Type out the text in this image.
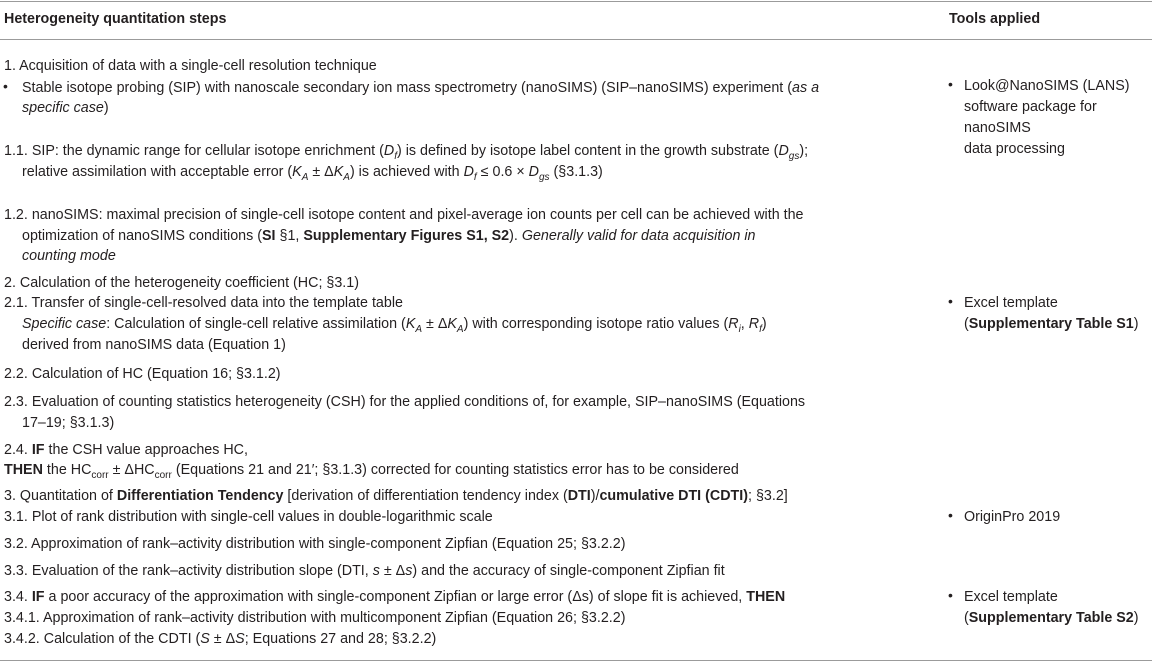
Heterogeneity quantitation steps	Tools applied
1. Acquisition of data with a single-cell resolution technique
• Stable isotope probing (SIP) with nanoscale secondary ion mass spectrometry (nanoSIMS) (SIP–nanoSIMS) experiment (as a
specific case)
1.1. SIP: the dynamic range for cellular isotope enrichment $(D_f)$ is defined by isotope label content in the growth substrate $(D_{gs})$;
relative assimilation with acceptable error $(K_A \pm \Delta K_A)$ is achieved with $D_f \le 0.6 \times D_{gs}$ (§3.1.3)
1.2. nanoSIMS: maximal precision of single-cell isotope content and pixel-average ion counts per cell can be achieved with the
optimization of nanoSIMS conditions (SI §1, Supplementary Figures S1, S2). Generally valid for data acquisition in
counting mode
2. Calculation of the heterogeneity coefficient (HC; §3.1)
2.1. Transfer of single-cell-resolved data into the template table
Specific case: Calculation of single-cell relative assimilation $(K_A \pm \Delta K_A)$ with corresponding isotope ratio values ($R_i$, $R_f$)
derived from nanoSIMS data (Equation 1)
2.2. Calculation of HC (Equation 16; §3.1.2)
2.3. Evaluation of counting statistics heterogeneity (CSH) for the applied conditions of, for example, SIP–nanoSIMS (Equations
17–19; §3.1.3)
2.4. IF the CSH value approaches HC,
THEN the $HC_{corr} \pm \Delta HC_{corr}$ (Equations 21 and 21′; §3.1.3) corrected for counting statistics error has to be considered
3. Quantitation of Differentiation Tendency [derivation of differentiation tendency index (DTI)/cumulative DTI (CDTI); §3.2]
3.1. Plot of rank distribution with single-cell values in double-logarithmic scale
3.2. Approximation of rank–activity distribution with single-component Zipfian (Equation 25; §3.2.2)
3.3. Evaluation of the rank–activity distribution slope (DTI, s ± Δs) and the accuracy of single-component Zipfian fit
3.4. IF a poor accuracy of the approximation with single-component Zipfian or large error (Δs) of slope fit is achieved, THEN
3.4.1. Approximation of rank–activity distribution with multicomponent Zipfian (Equation 26; §3.2.2)
3.4.2. Calculation of the CDTI (S ± ΔS; Equations 27 and 28; §3.2.2)
• Look@NanoSIMS (LANS)
software package for
nanoSIMS
data processing
• Excel template
(Supplementary Table S1)
• OriginPro 2019
• Excel template
(Supplementary Table S2)
